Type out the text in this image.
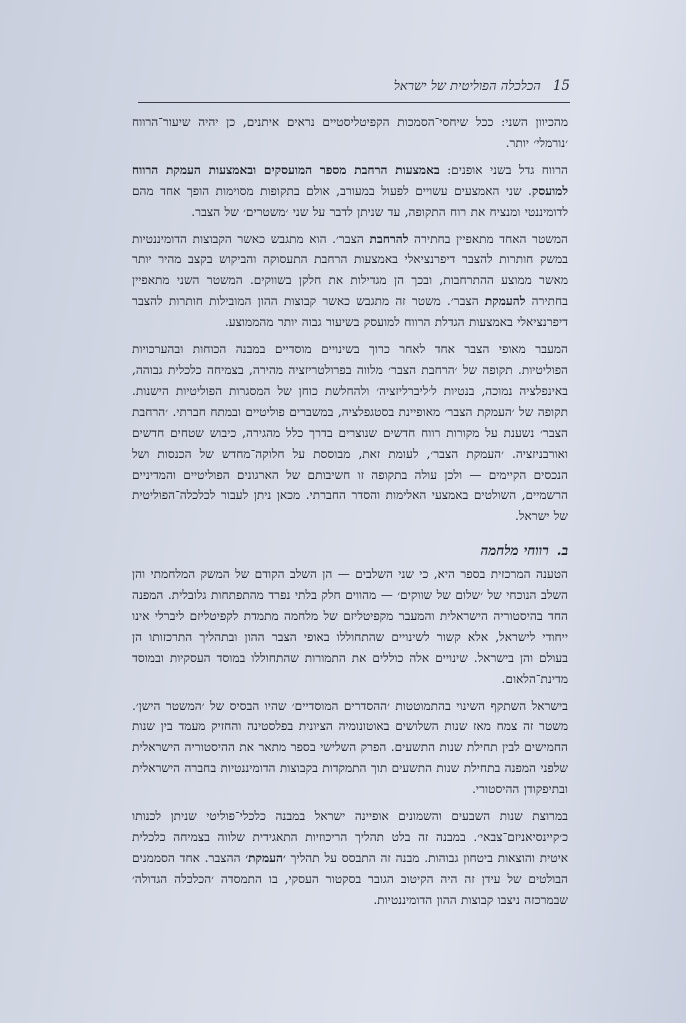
15
הכלכלה הפוליטית של ישראל

מהכיוון השני: ככל שיחסי־הסמכות הקפיטליסטיים נראים איתנים, כן יהיה שיעור־הרווח ׳נורמלי׳ יותר.

הרווח גדל בשני אופנים: באמצעות הרחבת מספר המועסקים ובאמצעות העמקת הרווח למועסק. שני האמצעים עשויים לפעול במעורב, אולם בתקופות מסוימות הופך אחד מהם לדומיננטי ומנציח את רוח התקופה, עד שניתן לדבר על שני ׳משטרים׳ של הצבר.

המשטר האחד מתאפיין בחתירה להרחבת הצבר׳. הוא מתגבש כאשר הקבוצות הדומיננטיות במשק חותרות להצבר דיפרנציאלי באמצעות הרחבת התעסוקה והביקוש בקצב מהיר יותר מאשר ממוצע ההתרחבות, ובכך הן מגדילות את חלקן בשווקים. המשטר השני מתאפיין בחתירה להעמקת הצבר׳. משטר זה מתגבש כאשר קבוצות ההון המובילות חותרות להצבר דיפרנציאלי באמצעות הגדלת הרווח למועסק בשיעור גבוה יותר מהממוצע.

המעבר מאופי הצבר אחד לאחר כרוך בשינויים מוסדיים במבנה הכוחות ובהערכויות הפוליטיות. תקופה של ׳הרחבת הצבר׳ מלווה בפרולטריזציה מהירה, בצמיחה כלכלית גבוהה, באינפלציה נמוכה, בנטיות ל׳ליברליזציה׳ ולהחלשת כוחן של המסגרות הפוליטיות הישנות. תקופה של ׳העמקת הצבר׳ מאופיינת בסטגפלציה, במשברים פוליטיים ובמתח חברתי. ׳הרחבת הצבר׳ נשענת על מקורות רווח חדשים שנוצרים בדרך כלל מהגירה, כיבוש שטחים חדשים ואורבניזציה. ׳העמקת הצבר׳, לעומת זאת, מבוססת על חלוקה־מחדש של הכנסות ושל הנכסים הקיימים — ולכן עולה בתקופה זו חשיבותם של הארגונים הפוליטיים והמדיניים הרשמיים, השולטים באמצעי האלימות והסדר החברתי. מכאן ניתן לעבור לכלכלה־הפוליטית של ישראל.

ב.רווחי מלחמה

הטענה המרכזית בספר היא, כי שני השלבים — הן השלב הקודם של המשק המלחמתי והן השלב הנוכחי של ׳שלום של שווקים׳ — מהווים חלק בלתי נפרד מהתפתחות גלובלית. המפנה החד בהיסטוריה הישראלית והמעבר מקפיטליזם של מלחמה מתמדת לקפיטליזם ליברלי אינו ייחודי לישראל, אלא קשור לשינויים שהתחוללו באופי הצבר ההון ובתהליך התרכזותו הן בעולם והן בישראל. שינויים אלה כוללים את התמורות שהתחוללו במוסד העסקיות ובמוסד מדינת־הלאום.

בישראל השתקף השינוי בהתמוטטות ׳ההסדרים המוסדיים׳ שהיו הבסיס של ׳המשטר הישן׳. משטר זה צמח מאז שנות השלושים באוטונומיה הציונית בפלסטינה והחזיק מעמד בין שנות החמישים לבין תחילת שנות התשעים. הפרק השלישי בספר מתאר את ההיסטוריה הישראלית שלפני המפנה בתחילת שנות התשעים תוך התמקדות בקבוצות הדומיננטיות בחברה הישראלית ובתיפקודן ההיסטורי.

במרוצת שנות השבעים והשמונים אופיינה ישראל במבנה כלכלי־פוליטי שניתן לכנותו כ׳קיינסיאניזם־צבאי׳. במבנה זה בלט תהליך הריכוזיות התאגידית שלווה בצמיחה כלכלית איטית והוצאות ביטחון גבוהות. מבנה זה התבסס על תהליך ׳העמקת׳ ההצבר. אחד הסממנים הבולטים של עידן זה היה הקיטוב הגובר בסקטור העסקי, בו התמסדה ׳הכלכלה הגדולה׳ שבמרכזה ניצבו קבוצות ההון הדומיננטיות.
